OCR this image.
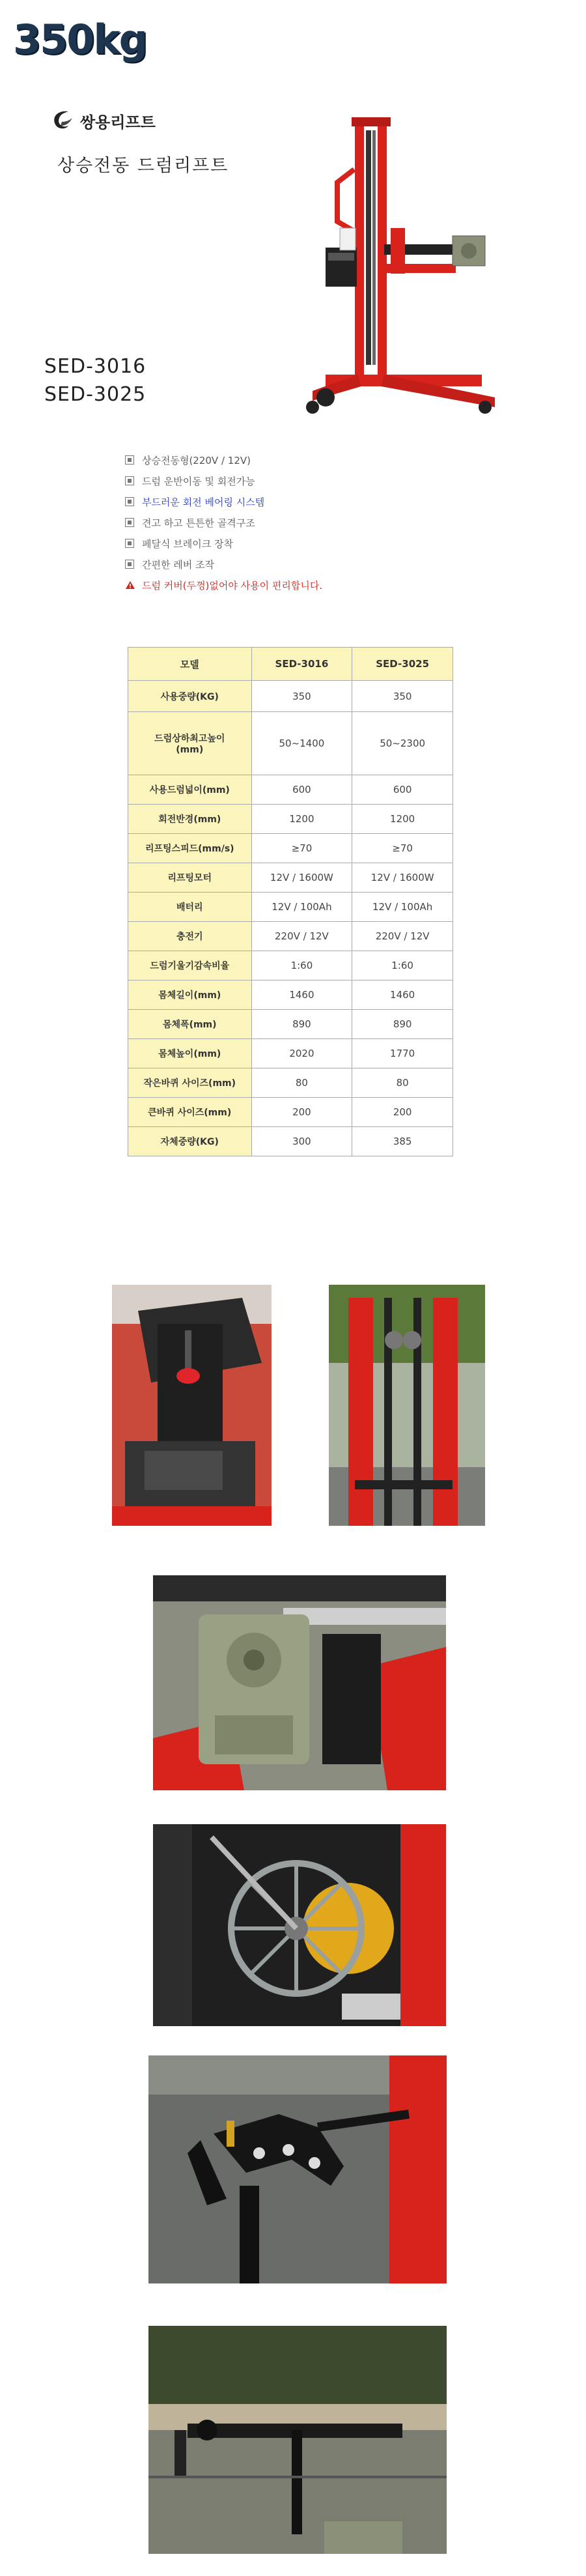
350kg
쌍용리프트
상승전동 드럼리프트
SED-3016
SED-3025
상승전동형(220V / 12V)
드럼 운반이동 및 회전가능
부드러운 회전 베어링 시스템
견고 하고 튼튼한 골격구조
페달식 브레이크 장착
간편한 레버 조작
드럼 커버(두껑)없어야 사용이 편리합니다.
모델	SED-3016	SED-3025
사용중량(KG)	350	350
드럼상하최고높이
(mm)	50~1400	50~2300
사용드럼넓이(mm)	600	600
회전반경(mm)	1200	1200
리프팅스피드(mm/s)	≥70	≥70
리프팅모터	12V / 1600W	12V / 1600W
배터리	12V / 100Ah	12V / 100Ah
충전기	220V / 12V	220V / 12V
드럼기울기감속비율	1:60	1:60
몸체길이(mm)	1460	1460
몸체폭(mm)	890	890
몸체높이(mm)	2020	1770
작은바퀴 사이즈(mm)	80	80
큰바퀴 사이즈(mm)	200	200
자체중량(KG)	300	385
